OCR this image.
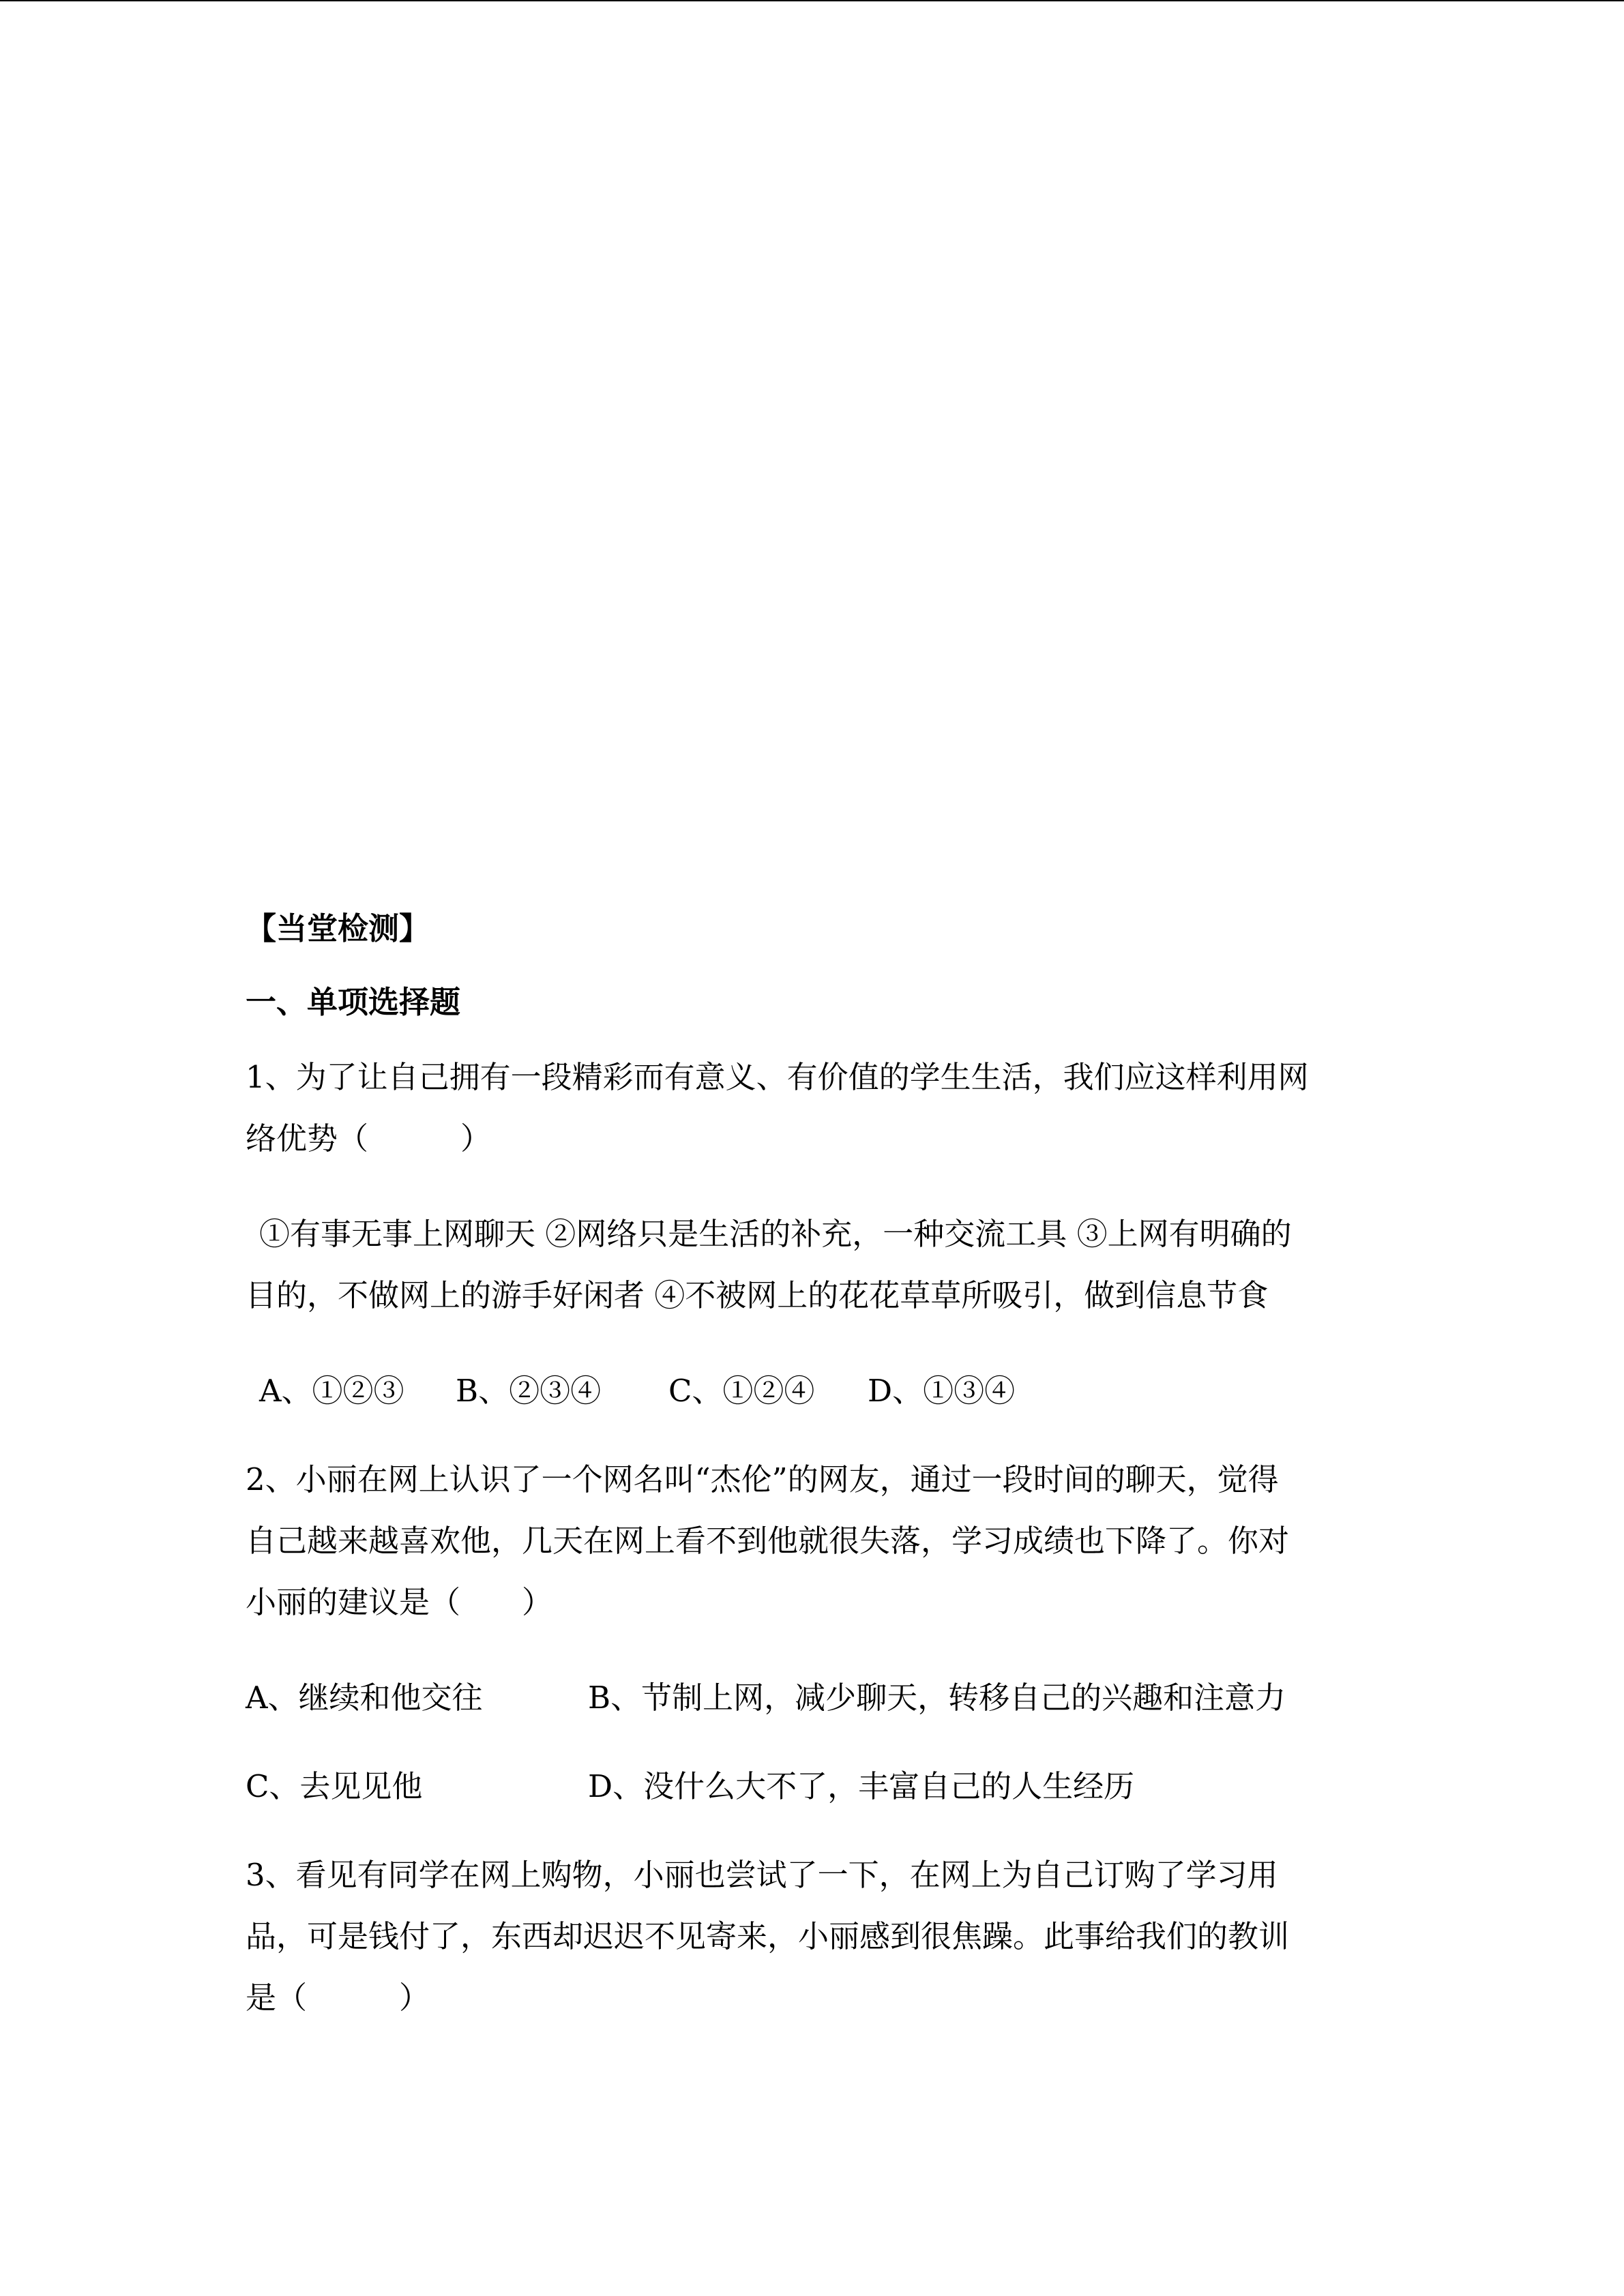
【当堂检测】
一、单项选择题
1、为了让自己拥有一段精彩而有意义、有价值的学生生活，我们应这样利用网
络优势（　　　）
①有事无事上网聊天 ②网络只是生活的补充，一种交流工具 ③上网有明确的
目的，不做网上的游手好闲者 ④不被网上的花花草草所吸引，做到信息节食
A、①②③ B、②③④ C、①②④ D、①③④
2、小丽在网上认识了一个网名叫“杰伦”的网友，通过一段时间的聊天，觉得
自己越来越喜欢他，几天在网上看不到他就很失落，学习成绩也下降了。你对
小丽的建议是（　　）
A、继续和他交往	B、节制上网，减少聊天，转移自己的兴趣和注意力
C、去见见他	D、没什么大不了，丰富自己的人生经历
3、看见有同学在网上购物，小丽也尝试了一下，在网上为自己订购了学习用
品，可是钱付了，东西却迟迟不见寄来，小丽感到很焦躁。此事给我们的教训
是（　　　）
